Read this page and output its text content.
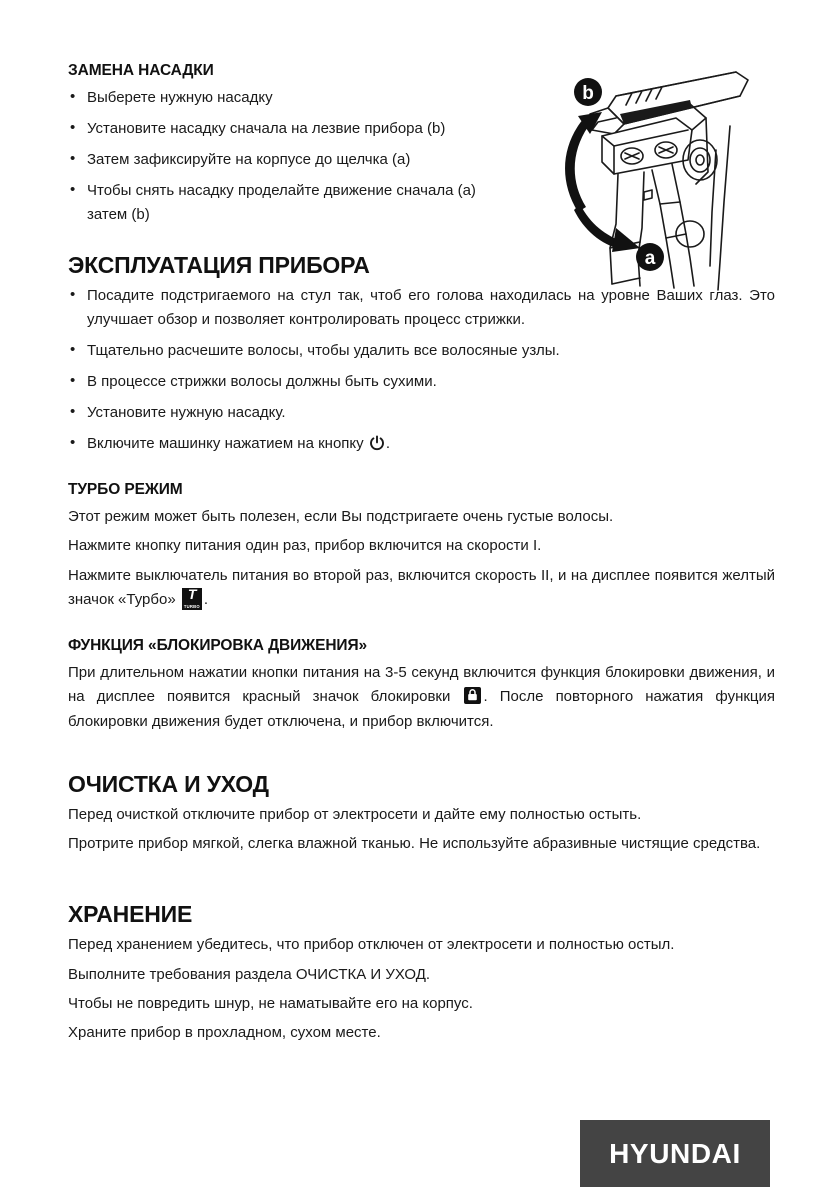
b
a
ЗАМЕНА НАСАДКИ
• Выберете нужную насадку
• Установите насадку сначала на лезвие прибора (b)
• Затем зафиксируйте на корпусе до щелчка (a)
• Чтобы снять насадку проделайте движение сначала (a) затем (b)
ЭКСПЛУАТАЦИЯ ПРИБОРА
• Посадите подстригаемого на стул так, чтоб его голова находилась на уровне Ваших глаз. Это улучшает обзор и позволяет контролировать процесс стрижки.
• Тщательно расчешите волосы, чтобы удалить все волосяные узлы.
• В процессе стрижки волосы должны быть сухими.
• Установите нужную насадку.
• Включите машинку нажатием на кнопку .
ТУРБО РЕЖИМ

Этот режим может быть полезен, если Вы подстригаете очень густые волосы.

Нажмите кнопку питания один раз, прибор включится на скорости I.

Нажмите выключатель питания во второй раз, включится скорость II, и на дисплее появится желтый значок «Турбо» T
TURBO .

ФУНКЦИЯ «БЛОКИРОВКА ДВИЖЕНИЯ»

При длительном нажатии кнопки питания на 3-5 секунд включится функция блокировки движения, и на дисплее появится красный значок блокировки . После повторного нажатия функция блокировки движения будет отключена, и прибор включится.

ОЧИСТКА И УХОД

Перед очисткой отключите прибор от электросети и дайте ему полностью остыть.

Протрите прибор мягкой, слегка влажной тканью. Не используйте абразивные чистящие средства.

ХРАНЕНИЕ

Перед хранением убедитесь, что прибор отключен от электросети и полностью остыл.

Выполните требования раздела ОЧИСТКА И УХОД.

Чтобы не повредить шнур, не наматывайте его на корпус.

Храните прибор в прохладном, сухом месте.

HYUNDAI
